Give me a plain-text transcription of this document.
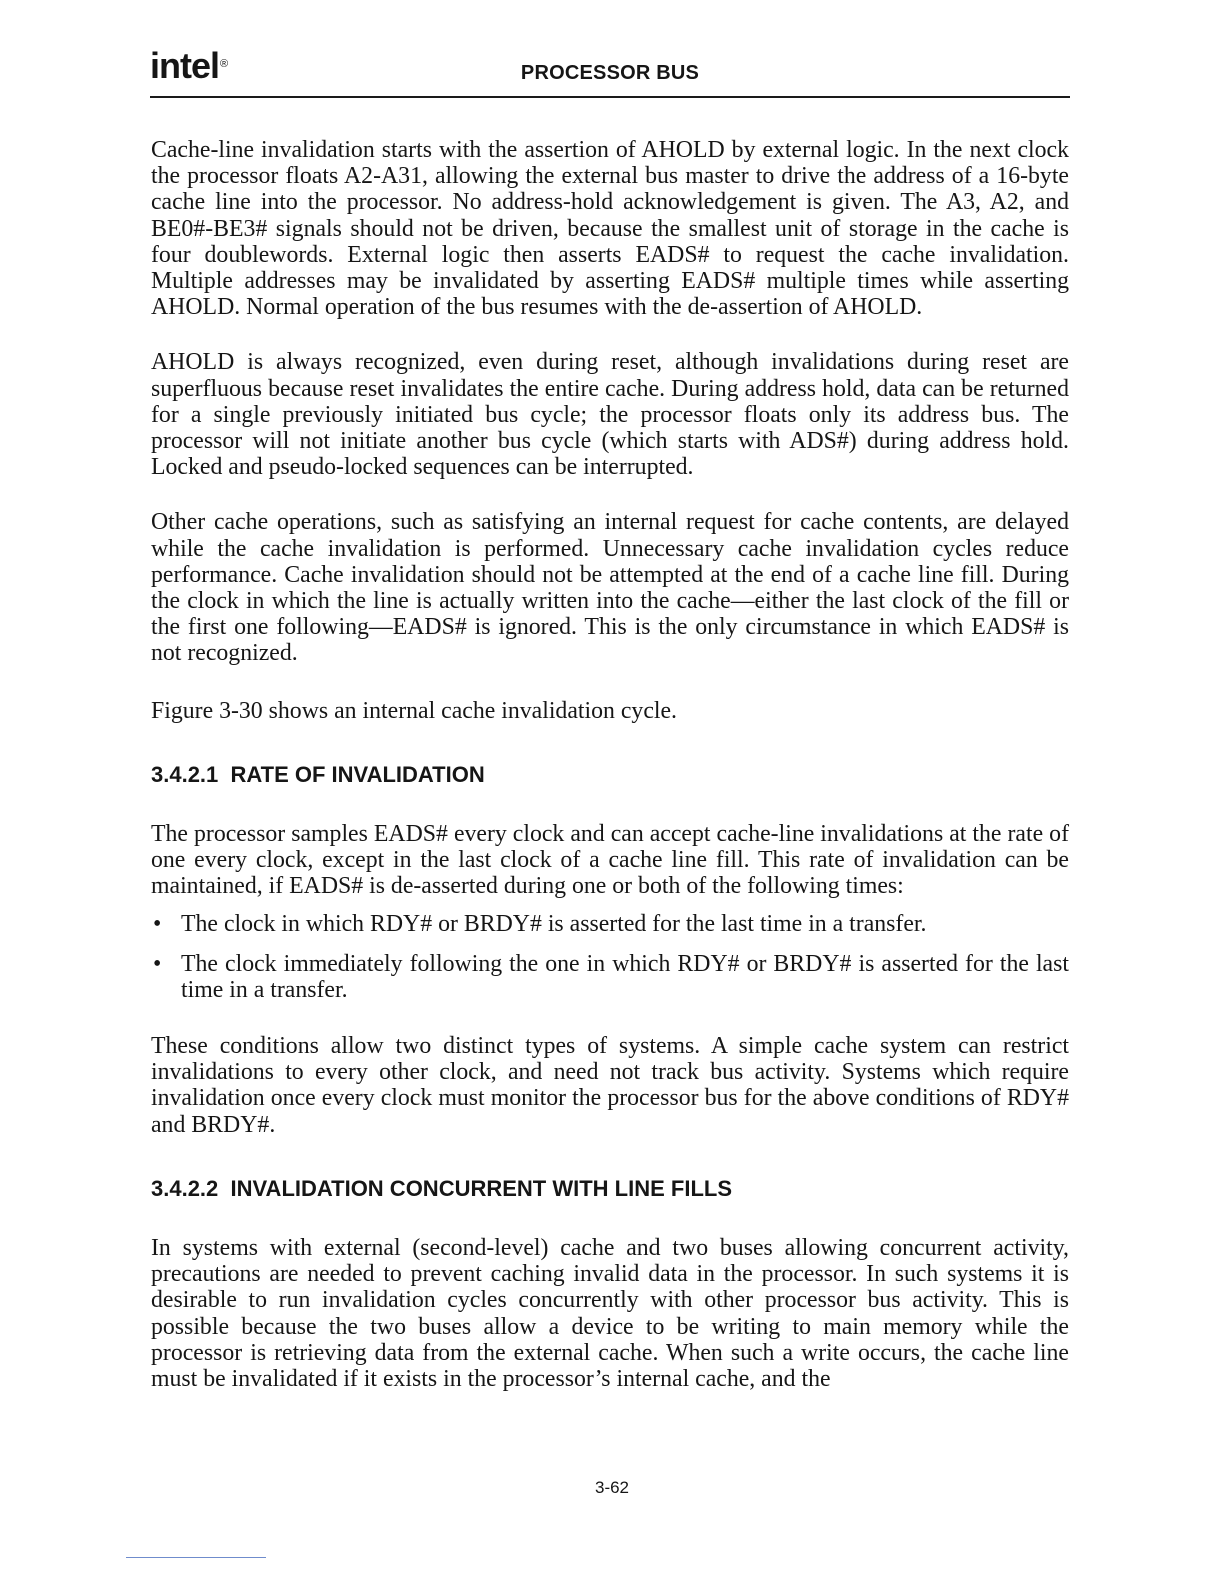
intel®	PROCESSOR BUS

Cache-line invalidation starts with the assertion of AHOLD by external logic. In the next clock the processor floats A2-A31, allowing the external bus master to drive the address of a 16-byte cache line into the processor. No address-hold acknowledgement is given. The A3, A2, and BE0#-BE3# signals should not be driven, because the smallest unit of storage in the cache is four doublewords. External logic then asserts EADS# to request the cache invalidation. Multiple addresses may be invalidated by asserting EADS# multiple times while asserting AHOLD. Normal operation of the bus resumes with the de-assertion of AHOLD.

AHOLD is always recognized, even during reset, although invalidations during reset are superfluous because reset invalidates the entire cache. During address hold, data can be returned for a single previously initiated bus cycle; the processor floats only its address bus. The processor will not initiate another bus cycle (which starts with ADS#) during address hold. Locked and pseudo-locked sequences can be interrupted.

Other cache operations, such as satisfying an internal request for cache contents, are delayed while the cache invalidation is performed. Unnecessary cache invalidation cycles reduce performance. Cache invalidation should not be attempted at the end of a cache line fill. During the clock in which the line is actually written into the cache—either the last clock of the fill or the first one following—EADS# is ignored. This is the only circumstance in which EADS# is not recognized.

Figure 3-30 shows an internal cache invalidation cycle.

3.4.2.1 RATE OF INVALIDATION

The processor samples EADS# every clock and can accept cache-line invalidations at the rate of one every clock, except in the last clock of a cache line fill. This rate of invalidation can be maintained, if EADS# is de-asserted during one or both of the following times:

• The clock in which RDY# or BRDY# is asserted for the last time in a transfer.
• The clock immediately following the one in which RDY# or BRDY# is asserted for the last time in a transfer.

These conditions allow two distinct types of systems. A simple cache system can restrict invalidations to every other clock, and need not track bus activity. Systems which require invalidation once every clock must monitor the processor bus for the above conditions of RDY# and BRDY#.

3.4.2.2 INVALIDATION CONCURRENT WITH LINE FILLS

In systems with external (second-level) cache and two buses allowing concurrent activity, precautions are needed to prevent caching invalid data in the processor. In such systems it is desirable to run invalidation cycles concurrently with other processor bus activity. This is possible because the two buses allow a device to be writing to main memory while the processor is retrieving data from the external cache. When such a write occurs, the cache line must be invalidated if it exists in the processor’s internal cache, and the

3-62
